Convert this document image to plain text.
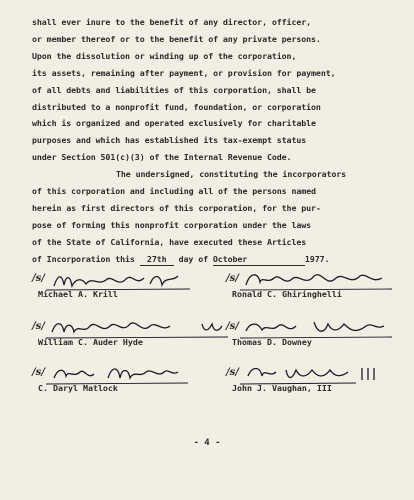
shall ever inure to the benefit of any director, officer,
or member thereof or to the benefit of any private persons.
Upon the dissolution or winding up of the corporation,
its assets, remaining after payment, or provision for payment,
of all debts and liabilities of this corporation, shall be
distributed to a nonprofit fund, foundation, or corporation
which is organized and operated exclusively for charitable
purposes and which has established its tax-exempt status
under Section 501(c)(3) of the Internal Revenue Code.
The undersigned, constituting the incorporators
of this corporation and including all of the persons named
herein as first directors of this corporation, for the pur-
pose of forming this nonprofit corporation under the laws
of the State of California, have executed these Articles
of Incorporation this 27th day of October	1977.
/s/
Michael A. Krill
/s/
Ronald C. Ghiringhelli
/s/
William C. Auder Hyde
/s/
Thomas D. Downey
/s/
C. Daryl Matlock
/s/
John J. Vaughan, III
- 4 -
